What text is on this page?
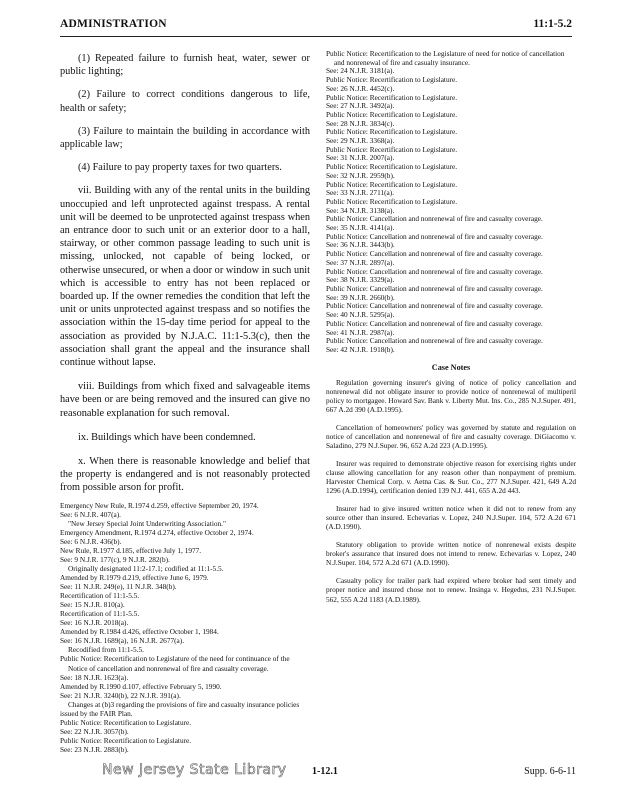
ADMINISTRATION	11:1-5.2

(1) Repeated failure to furnish heat, water, sewer or public lighting;

(2) Failure to correct conditions dangerous to life, health or safety;

(3) Failure to maintain the building in accordance with applicable law;

(4) Failure to pay property taxes for two quarters.

vii. Building with any of the rental units in the building unoccupied and left unprotected against trespass. A rental unit will be deemed to be unprotected against trespass when an entrance door to such unit or an exterior door to a hall, stairway, or other common passage leading to such unit is missing, unlocked, not capable of being locked, or otherwise unsecured, or when a door or window in such unit which is accessible to entry has not been replaced or boarded up. If the owner remedies the condition that left the unit or units unprotected against trespass and so notifies the association within the 15-day time period for appeal to the association as provided by N.J.A.C. 11:1-5.3(c), then the association shall grant the appeal and the insurance shall continue without lapse.

viii. Buildings from which fixed and salvageable items have been or are being removed and the insured can give no reasonable explanation for such removal.

ix. Buildings which have been condemned.

x. When there is reasonable knowledge and belief that the property is endangered and is not reasonably protected from possible arson for profit.

Emergency New Rule, R.1974 d.259, effective September 20, 1974.
See: 6 N.J.R. 407(a).
"New Jersey Special Joint Underwriting Association."
Emergency Amendment, R.1974 d.274, effective October 2, 1974.
See: 6 N.J.R. 436(b).
New Rule, R.1977 d.185, effective July 1, 1977.
See: 9 N.J.R. 177(c), 9 N.J.R. 282(b).
Originally designated 11:2-17.1; codified at 11:1-5.5.
Amended by R.1979 d.219, effective June 6, 1979.
See: 11 N.J.R. 249(e), 11 N.J.R. 348(b).
Recertification of 11:1-5.5.
See: 15 N.J.R. 810(a).
Recertification of 11:1-5.5.
See: 16 N.J.R. 2018(a).
Amended by R.1984 d.426, effective October 1, 1984.
See: 16 N.J.R. 1689(a), 16 N.J.R. 2677(a).
Recodified from 11:1-5.5.
Public Notice: Recertification to Legislature of the need for continuance of the Notice of cancellation and nonrenewal of fire and casualty coverage.
See: 18 N.J.R. 1623(a).
Amended by R.1990 d.107, effective February 5, 1990.
See: 21 N.J.R. 3240(b), 22 N.J.R. 391(a).
Changes at (b)3 regarding the provisions of fire and casualty insurance policies issued by the FAIR Plan.
Public Notice: Recertification to Legislature.
See: 22 N.J.R. 3057(b).
Public Notice: Recertification to Legislature.
See: 23 N.J.R. 2883(b).
Public Notice: Recertification to the Legislature of need for notice of cancellation and nonrenewal of fire and casualty insurance.
See: 24 N.J.R. 3181(a).
Public Notice: Recertification to Legislature.
See: 26 N.J.R. 4452(c).
Public Notice: Recertification to Legislature.
See: 27 N.J.R. 3492(a).
Public Notice: Recertification to Legislature.
See: 28 N.J.R. 3834(c).
Public Notice: Recertification to Legislature.
See: 29 N.J.R. 3368(a).
Public Notice: Recertification to Legislature.
See: 31 N.J.R. 2007(a).
Public Notice: Recertification to Legislature.
See: 32 N.J.R. 2959(b).
Public Notice: Recertification to Legislature.
See: 33 N.J.R. 2711(a).
Public Notice: Recertification to Legislature.
See: 34 N.J.R. 3138(a).
Public Notice: Cancellation and nonrenewal of fire and casualty coverage.
See: 35 N.J.R. 4141(a).
Public Notice: Cancellation and nonrenewal of fire and casualty coverage.
See: 36 N.J.R. 3443(b).
Public Notice: Cancellation and nonrenewal of fire and casualty coverage.
See: 37 N.J.R. 2897(a).
Public Notice: Cancellation and nonrenewal of fire and casualty coverage.
See: 38 N.J.R. 3329(a).
Public Notice: Cancellation and nonrenewal of fire and casualty coverage.
See: 39 N.J.R. 2660(b).
Public Notice: Cancellation and nonrenewal of fire and casualty coverage.
See: 40 N.J.R. 5295(a).
Public Notice: Cancellation and nonrenewal of fire and casualty coverage.
See: 41 N.J.R. 2987(a).
Public Notice: Cancellation and nonrenewal of fire and casualty coverage.
See: 42 N.J.R. 1918(b).
Case Notes

Regulation governing insurer's giving of notice of policy cancellation and nonrenewal did not obligate insurer to provide notice of nonrenewal of multiperil policy to mortgagee. Howard Sav. Bank v. Liberty Mut. Ins. Co., 285 N.J.Super. 491, 667 A.2d 390 (A.D.1995).

Cancellation of homeowners' policy was governed by statute and regulation on notice of cancellation and nonrenewal of fire and casualty coverage. DiGiacomo v. Saladino, 279 N.J.Super. 96, 652 A.2d 223 (A.D.1995).

Insurer was required to demonstrate objective reason for exercising rights under clause allowing cancellation for any reason other than nonpayment of premium. Harvester Chemical Corp. v. Aetna Cas. & Sur. Co., 277 N.J.Super. 421, 649 A.2d 1296 (A.D.1994), certification denied 139 N.J. 441, 655 A.2d 443.

Insurer had to give insured written notice when it did not to renew from any source other than insured. Echevarias v. Lopez, 240 N.J.Super. 104, 572 A.2d 671 (A.D.1990).

Statutory obligation to provide written notice of nonrenewal exists despite broker's assurance that insured does not intend to renew. Echevarias v. Lopez, 240 N.J.Super. 104, 572 A.2d 671 (A.D.1990).

Casualty policy for trailer park had expired where broker had sent timely and proper notice and insured chose not to renew. Insinga v. Hegedus, 231 N.J.Super. 562, 555 A.2d 1183 (A.D.1989).

New Jersey State Library	1-12.1	Supp. 6-6-11
